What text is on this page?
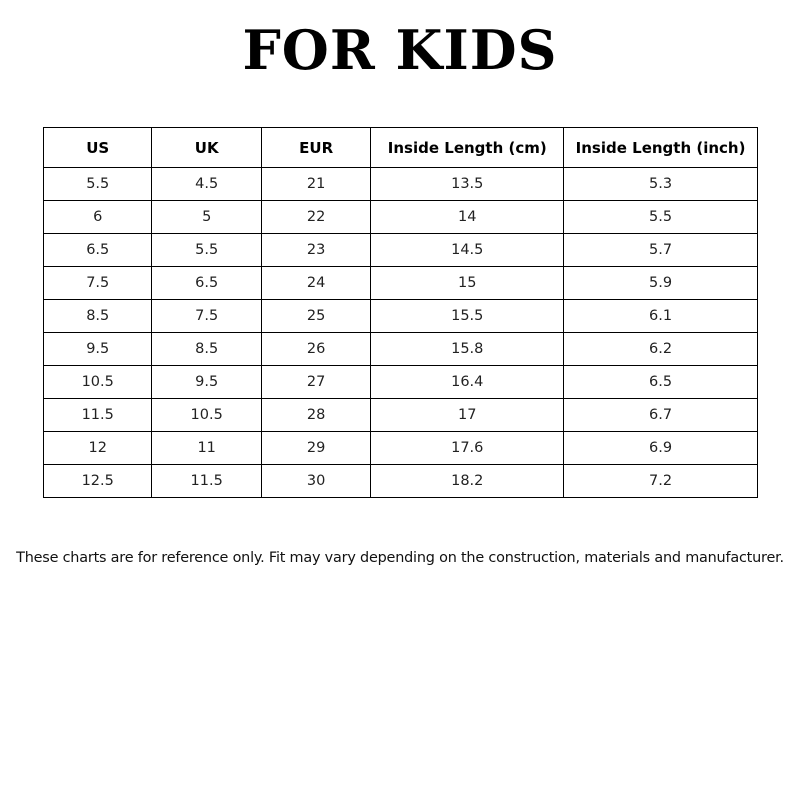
FOR KIDS
US	UK	EUR	Inside Length (cm)	Inside Length (inch)
5.5	4.5	21	13.5	5.3
6	5	22	14	5.5
6.5	5.5	23	14.5	5.7
7.5	6.5	24	15	5.9
8.5	7.5	25	15.5	6.1
9.5	8.5	26	15.8	6.2
10.5	9.5	27	16.4	6.5
11.5	10.5	28	17	6.7
12	11	29	17.6	6.9
12.5	11.5	30	18.2	7.2
These charts are for reference only. Fit may vary depending on the construction, materials and manufacturer.
